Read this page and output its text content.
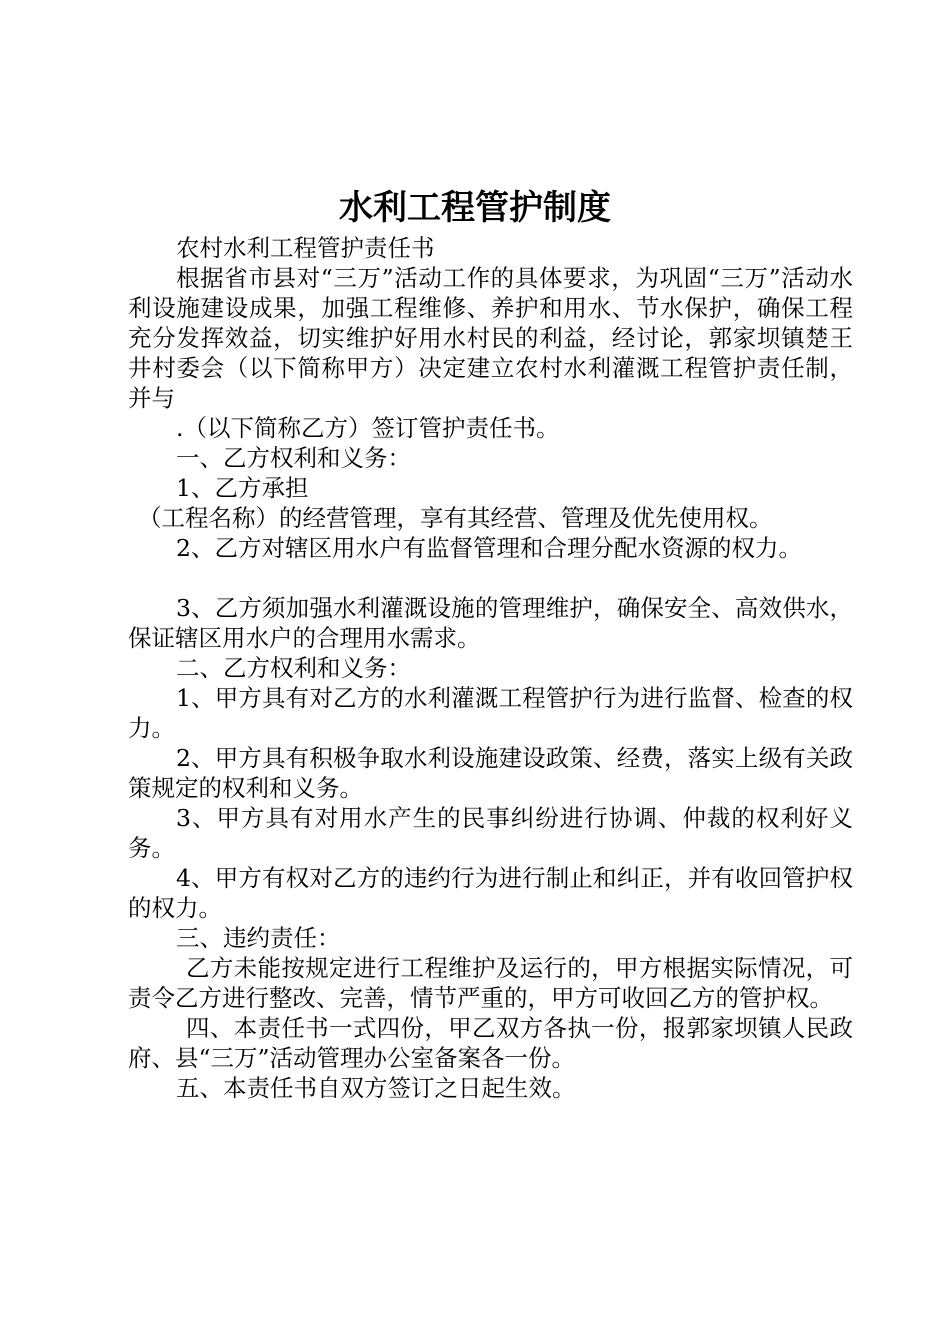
水利工程管护制度

农村水利工程管护责任书

根据省市县对“三万”活动工作的具体要求，为巩固“三万”活动水利设施建设成果，加强工程维修、养护和用水、节水保护，确保工程充分发挥效益，切实维护好用水村民的利益，经讨论，郭家坝镇楚王井村委会（以下简称甲方）决定建立农村水利灌溉工程管护责任制，并与

.（以下简称乙方）签订管护责任书。

一、乙方权利和义务：

1、乙方承担

（工程名称）的经营管理，享有其经营、管理及优先使用权。

2、乙方对辖区用水户有监督管理和合理分配水资源的权力。

3、乙方须加强水利灌溉设施的管理维护，确保安全、高效供水，保证辖区用水户的合理用水需求。

二、乙方权利和义务：

1、甲方具有对乙方的水利灌溉工程管护行为进行监督、检查的权力。

2、甲方具有积极争取水利设施建设政策、经费，落实上级有关政策规定的权利和义务。

3、甲方具有对用水产生的民事纠纷进行协调、仲裁的权利好义务。

4、甲方有权对乙方的违约行为进行制止和纠正，并有收回管护权的权力。

三、违约责任：

乙方未能按规定进行工程维护及运行的，甲方根据实际情况，可责令乙方进行整改、完善，情节严重的，甲方可收回乙方的管护权。

四、本责任书一式四份，甲乙双方各执一份，报郭家坝镇人民政府、县“三万”活动管理办公室备案各一份。

五、本责任书自双方签订之日起生效。
